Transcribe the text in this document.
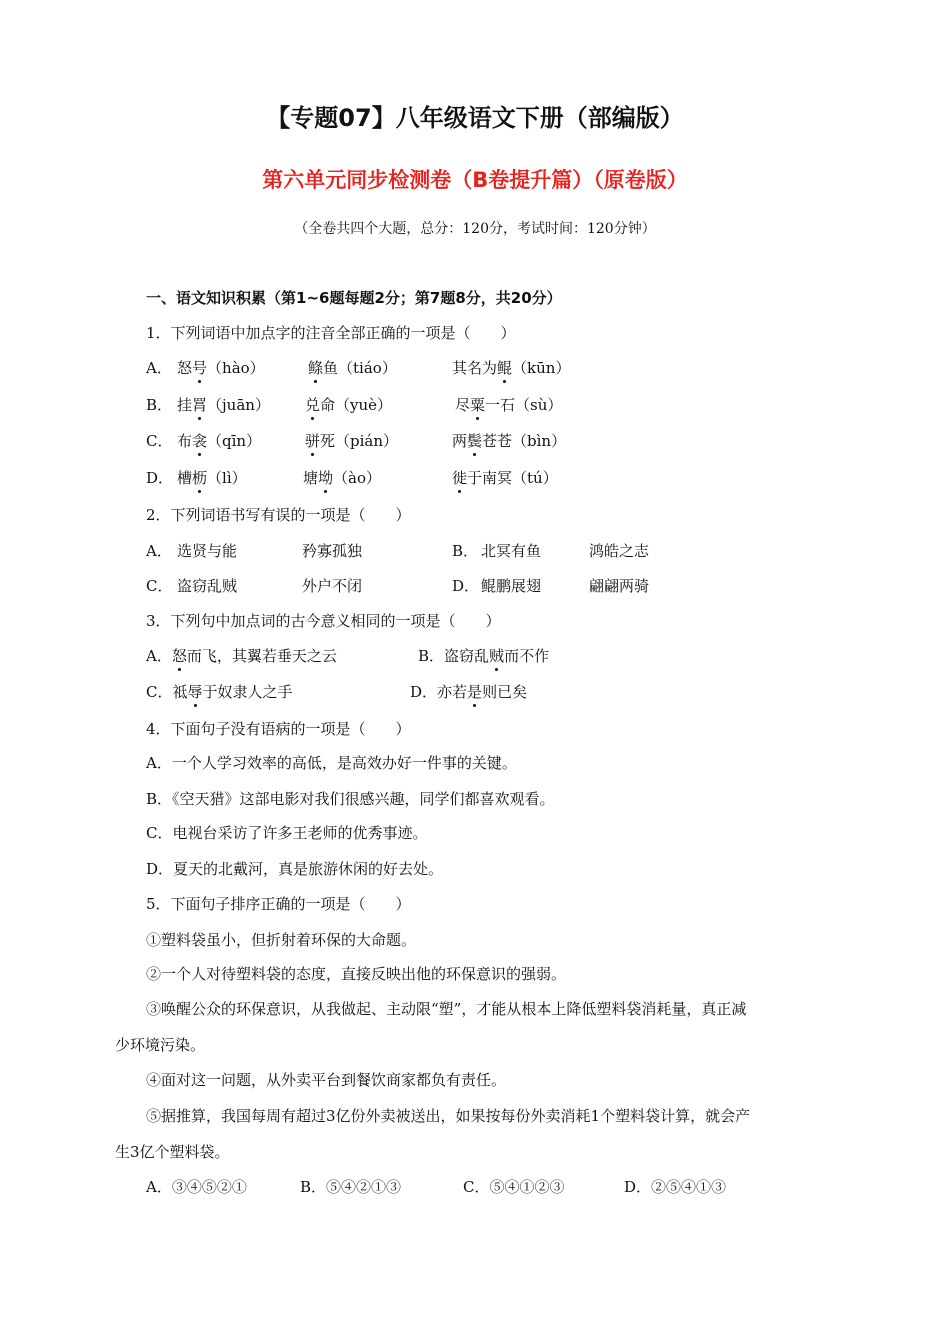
【专题07】八年级语文下册（部编版）
第六单元同步检测卷（B卷提升篇）（原卷版）
（全卷共四个大题，总分：120分，考试时间：120分钟）
一、语文知识积累（第1~6题每题2分；第7题8分，共20分）
1．下列词语中加点字的注音全部正确的一项是（　　）
A． 怒号（hào）	鲦鱼（tiáo）	其名为鲲（kūn）
B． 挂罥（juān） 兑命（yuè）	尽粟一石（sù）
C． 布衾（qīn）	骈死（pián）	两鬓苍苍（bìn）
D． 槽枥（lì）	塘坳（ào）	徙于南冥（tú）
2．下列词语书写有误的一项是（　　）
A． 选贤与能	矜寡孤独	B． 北冥有鱼	鸿皓之志
C． 盗窃乱贼	外户不闭	D． 鲲鹏展翅	翩翩两骑
3．下列句中加点词的古今意义相同的一项是（　　）
A．怒而飞，其翼若垂天之云	B．盗窃乱贼而不作
C．祗辱于奴隶人之手	D．亦若是则已矣
4．下面句子没有语病的一项是（　　）
A．一个人学习效率的高低，是高效办好一件事的关键。
B．《空天猎》这部电影对我们很感兴趣，同学们都喜欢观看。
C．电视台采访了许多王老师的优秀事迹。
D．夏天的北戴河，真是旅游休闲的好去处。
5．下面句子排序正确的一项是（　　）
①塑料袋虽小，但折射着环保的大命题。
②一个人对待塑料袋的态度，直接反映出他的环保意识的强弱。
③唤醒公众的环保意识，从我做起、主动限“塑”，才能从根本上降低塑料袋消耗量，真正减
少环境污染。
④面对这一问题，从外卖平台到餐饮商家都负有责任。
⑤据推算，我国每周有超过3亿份外卖被送出，如果按每份外卖消耗1个塑料袋计算，就会产
生3亿个塑料袋。
A．③④⑤②①	B．⑤④②①③	C．⑤④①②③	D．②⑤④①③
